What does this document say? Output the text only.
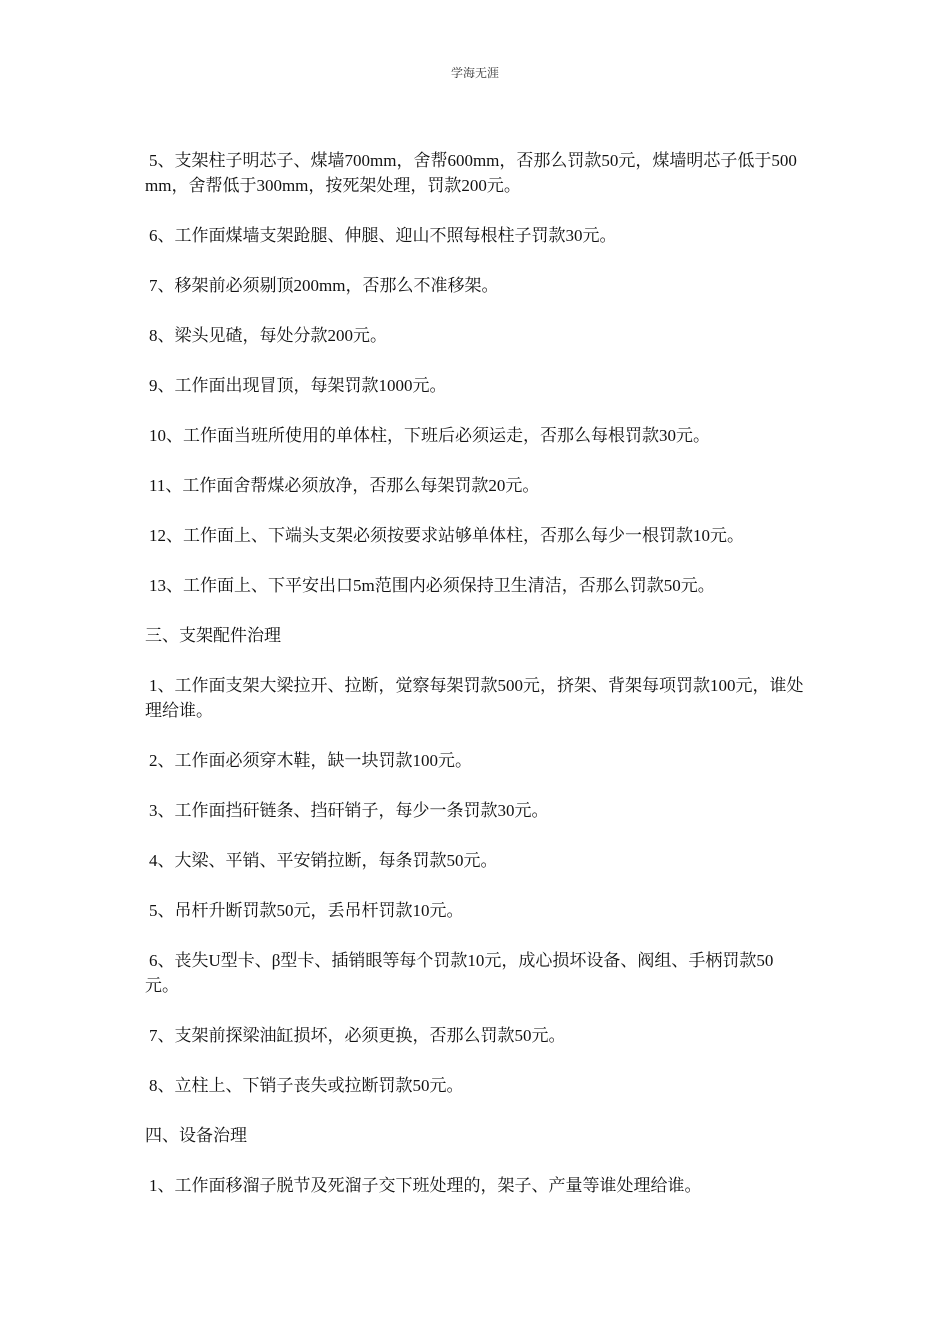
学海无涯

5、支架柱子明芯子、煤墙700mm，舍帮600mm，否那么罚款50元，煤墙明芯子低于500mm，舍帮低于300mm，按死架处理，罚款200元。

6、工作面煤墙支架跄腿、伸腿、迎山不照每根柱子罚款30元。

7、移架前必须剔顶200mm，否那么不准移架。

8、梁头见碴，每处分款200元。

9、工作面出现冒顶，每架罚款1000元。

10、工作面当班所使用的单体柱，下班后必须运走，否那么每根罚款30元。

11、工作面舍帮煤必须放净，否那么每架罚款20元。

12、工作面上、下端头支架必须按要求站够单体柱，否那么每少一根罚款10元。

13、工作面上、下平安出口5m范围内必须保持卫生清洁，否那么罚款50元。

三、支架配件治理

1、工作面支架大梁拉开、拉断，觉察每架罚款500元，挤架、背架每项罚款100元，谁处理给谁。

2、工作面必须穿木鞋，缺一块罚款100元。

3、工作面挡矸链条、挡矸销子，每少一条罚款30元。

4、大梁、平销、平安销拉断，每条罚款50元。

5、吊杆升断罚款50元，丢吊杆罚款10元。

6、丧失U型卡、β型卡、插销眼等每个罚款10元，成心损坏设备、阀组、手柄罚款50元。

7、支架前探梁油缸损坏，必须更换，否那么罚款50元。

8、立柱上、下销子丧失或拉断罚款50元。

四、设备治理

1、工作面移溜子脱节及死溜子交下班处理的，架子、产量等谁处理给谁。
